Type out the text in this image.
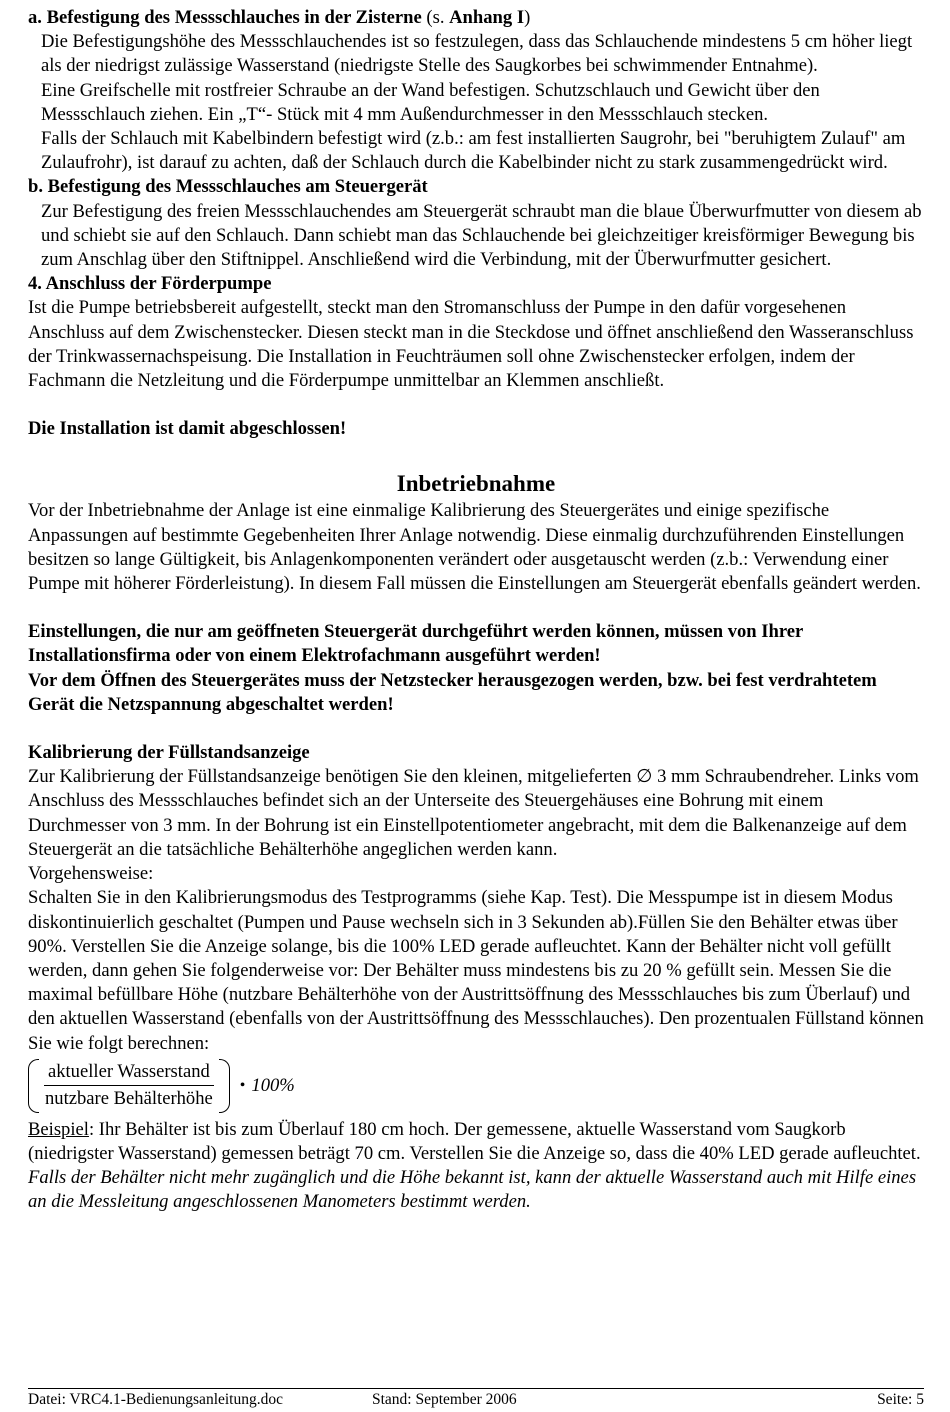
a. Befestigung des Messschlauches in der Zisterne (s. Anhang I)

Die Befestigungshöhe des Messschlauchendes ist so festzulegen, dass das Schlauchende mindestens 5 cm höher liegt als der niedrigst zulässige Wasserstand (niedrigste Stelle des Saugkorbes bei schwimmender Entnahme).

Eine Greifschelle mit rostfreier Schraube an der Wand befestigen. Schutzschlauch und Gewicht über den Messschlauch ziehen. Ein „T“- Stück mit 4 mm Außendurchmesser in den Messschlauch stecken.

Falls der Schlauch mit Kabelbindern befestigt wird (z.b.: am fest installierten Saugrohr, bei "beruhigtem Zulauf" am Zulaufrohr), ist darauf zu achten, daß der Schlauch durch die Kabelbinder nicht zu stark zusammengedrückt wird.

b. Befestigung des Messschlauches am Steuergerät

Zur Befestigung des freien Messschlauchendes am Steuergerät schraubt man die blaue Überwurfmutter von diesem ab und schiebt sie auf den Schlauch. Dann schiebt man das Schlauchende bei gleichzeitiger kreisförmiger Bewegung bis zum Anschlag über den Stiftnippel. Anschließend wird die Verbindung, mit der Überwurfmutter gesichert.

4. Anschluss der Förderpumpe

Ist die Pumpe betriebsbereit aufgestellt, steckt man den Stromanschluss der Pumpe in den dafür vorgesehenen Anschluss auf dem Zwischenstecker. Diesen steckt man in die Steckdose und öffnet anschließend den Wasseranschluss der Trinkwassernachspeisung. Die Installation in Feuchträumen soll ohne Zwischenstecker erfolgen, indem der Fachmann die Netzleitung und die Förderpumpe unmittelbar an Klemmen anschließt.

Die Installation ist damit abgeschlossen!

Inbetriebnahme

Vor der Inbetriebnahme der Anlage ist eine einmalige Kalibrierung des Steuergerätes und einige spezifische Anpassungen auf bestimmte Gegebenheiten Ihrer Anlage notwendig. Diese einmalig durchzuführenden Einstellungen besitzen so lange Gültigkeit, bis Anlagenkomponenten verändert oder ausgetauscht werden (z.b.: Verwendung einer Pumpe mit höherer Förderleistung). In diesem Fall müssen die Einstellungen am Steuergerät ebenfalls geändert werden.

Einstellungen, die nur am geöffneten Steuergerät durchgeführt werden können, müssen von Ihrer Installationsfirma oder von einem Elektrofachmann ausgeführt werden!

Vor dem Öffnen des Steuergerätes muss der Netzstecker herausgezogen werden, bzw. bei fest verdrahtetem Gerät die Netzspannung abgeschaltet werden!

Kalibrierung der Füllstandsanzeige

Zur Kalibrierung der Füllstandsanzeige benötigen Sie den kleinen, mitgelieferten ∅ 3 mm Schraubendreher. Links vom Anschluss des Messschlauches befindet sich an der Unterseite des Steuergehäuses eine Bohrung mit einem Durchmesser von 3 mm. In der Bohrung ist ein Einstellpotentiometer angebracht, mit dem die Balkenanzeige auf dem Steuergerät an die tatsächliche Behälterhöhe angeglichen werden kann.

Vorgehensweise:

Schalten Sie in den Kalibrierungsmodus des Testprogramms (siehe Kap. Test). Die Messpumpe ist in diesem Modus diskontinuierlich geschaltet (Pumpen und Pause wechseln sich in 3 Sekunden ab).Füllen Sie den Behälter etwas über 90%. Verstellen Sie die Anzeige solange, bis die 100% LED gerade aufleuchtet. Kann der Behälter nicht voll gefüllt werden, dann gehen Sie folgenderweise vor: Der Behälter muss mindestens bis zu 20 % gefüllt sein. Messen Sie die maximal befüllbare Höhe (nutzbare Behälterhöhe von der Austrittsöffnung des Messschlauches bis zum Überlauf) und den aktuellen Wasserstand (ebenfalls von der Austrittsöffnung des Messschlauches). Den prozentualen Füllstand können Sie wie folgt berechnen:

$\frac{\text{aktueller Wasserstand}}{\text{nutzbare Behälterhöhe}}$ • 100%

Beispiel: Ihr Behälter ist bis zum Überlauf 180 cm hoch. Der gemessene, aktuelle Wasserstand vom Saugkorb (niedrigster Wasserstand) gemessen beträgt 70 cm. Verstellen Sie die Anzeige so, dass die 40% LED gerade aufleuchtet.

Falls der Behälter nicht mehr zugänglich und die Höhe bekannt ist, kann der aktuelle Wasserstand auch mit Hilfe eines an die Messleitung angeschlossenen Manometers bestimmt werden.

Datei: VRC4.1-Bedienungsanleitung.doc	Stand: September 2006	Seite: 5
